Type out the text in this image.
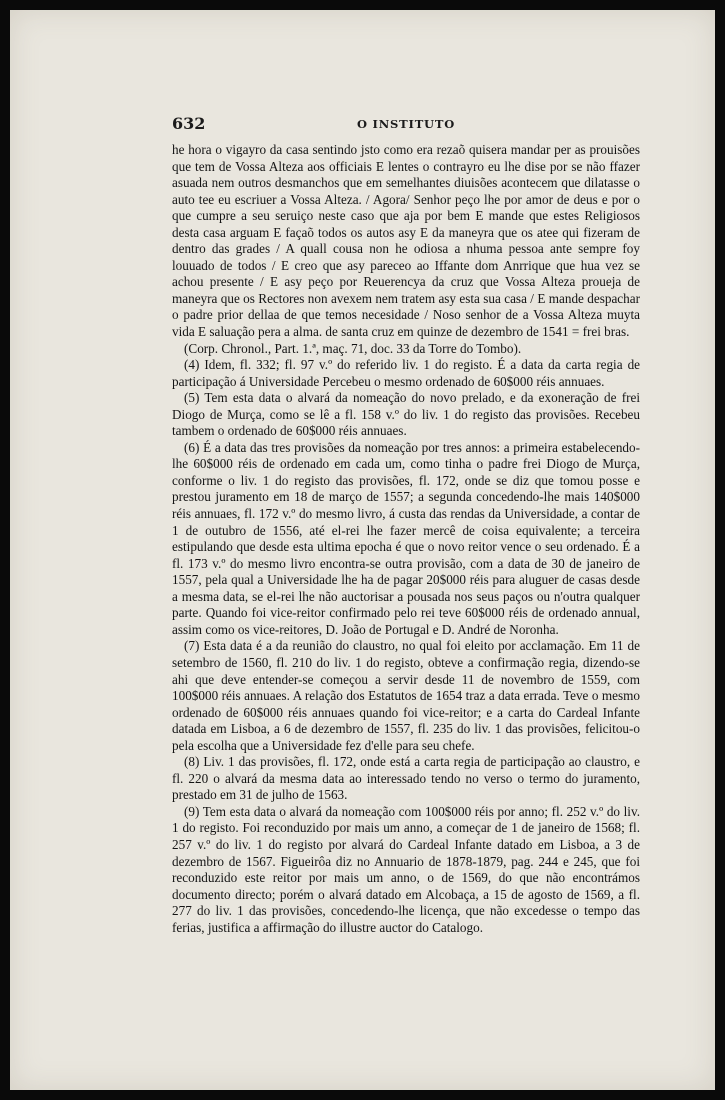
632	O INSTITUTO

he hora o vigayro da casa sentindo jsto como era rezaõ quisera mandar per as prouisões que tem de Vossa Alteza aos officiais E lentes o contrayro eu lhe dise por se não ffazer asuada nem outros desmanchos que em semelhantes diuisões acontecem que dilatasse o auto tee eu escriuer a Vossa Alteza. / Agora/ Senhor peço lhe por amor de deus e por o que cumpre a seu seruiço neste caso que aja por bem E mande que estes Religiosos desta casa arguam E façaõ todos os autos asy E da maneyra que os atee qui fizeram de dentro das grades / A quall cousa non he odiosa a nhuma pessoa ante sempre foy louuado de todos / E creo que asy pareceo ao Iffante dom Anrrique que hua vez se achou presente / E asy peço por Reuerencya da cruz que Vossa Alteza proueja de maneyra que os Rectores non avexem nem tratem asy esta sua casa / E mande despachar o padre prior dellaa de que temos necesidade / Noso senhor de a Vossa Alteza muyta vida E saluação pera a alma. de santa cruz em quinze de dezembro de 1541 = frei bras.

(Corp. Chronol., Part. 1.ª, maç. 71, doc. 33 da Torre do Tombo).

(4) Idem, fl. 332; fl. 97 v.º do referido liv. 1 do registo. É a data da carta regia de participação á Universidade Percebeu o mesmo ordenado de 60$000 réis annuaes.

(5) Tem esta data o alvará da nomeação do novo prelado, e da exoneração de frei Diogo de Murça, como se lê a fl. 158 v.º do liv. 1 do registo das provisões. Recebeu tambem o ordenado de 60$000 réis annuaes.

(6) É a data das tres provisões da nomeação por tres annos: a primeira estabelecendo-lhe 60$000 réis de ordenado em cada um, como tinha o padre frei Diogo de Murça, conforme o liv. 1 do registo das provisões, fl. 172, onde se diz que tomou posse e prestou juramento em 18 de março de 1557; a segunda concedendo-lhe mais 140$000 réis annuaes, fl. 172 v.º do mesmo livro, á custa das rendas da Universidade, a contar de 1 de outubro de 1556, até el-rei lhe fazer mercê de coisa equivalente; a terceira estipulando que desde esta ultima epocha é que o novo reitor vence o seu ordenado. É a fl. 173 v.º do mesmo livro encontra-se outra provisão, com a data de 30 de janeiro de 1557, pela qual a Universidade lhe ha de pagar 20$000 réis para aluguer de casas desde a mesma data, se el-rei lhe não auctorisar a pousada nos seus paços ou n'outra qualquer parte. Quando foi vice-reitor confirmado pelo rei teve 60$000 réis de ordenado annual, assim como os vice-reitores, D. João de Portugal e D. André de Noronha.

(7) Esta data é a da reunião do claustro, no qual foi eleito por acclamação. Em 11 de setembro de 1560, fl. 210 do liv. 1 do registo, obteve a confirmação regia, dizendo-se ahi que deve entender-se começou a servir desde 11 de novembro de 1559, com 100$000 réis annuaes. A relação dos Estatutos de 1654 traz a data errada. Teve o mesmo ordenado de 60$000 réis annuaes quando foi vice-reitor; e a carta do Cardeal Infante datada em Lisboa, a 6 de dezembro de 1557, fl. 235 do liv. 1 das provisões, felicitou-o pela escolha que a Universidade fez d'elle para seu chefe.

(8) Liv. 1 das provisões, fl. 172, onde está a carta regia de participação ao claustro, e fl. 220 o alvará da mesma data ao interessado tendo no verso o termo do juramento, prestado em 31 de julho de 1563.

(9) Tem esta data o alvará da nomeação com 100$000 réis por anno; fl. 252 v.º do liv. 1 do registo. Foi reconduzido por mais um anno, a começar de 1 de janeiro de 1568; fl. 257 v.º do liv. 1 do registo por alvará do Cardeal Infante datado em Lisboa, a 3 de dezembro de 1567. Figueirôa diz no Annuario de 1878-1879, pag. 244 e 245, que foi reconduzido este reitor por mais um anno, o de 1569, do que não encontrámos documento directo; porém o alvará datado em Alcobaça, a 15 de agosto de 1569, a fl. 277 do liv. 1 das provisões, concedendo-lhe licença, que não excedesse o tempo das ferias, justifica a affirmação do illustre auctor do Catalogo.
